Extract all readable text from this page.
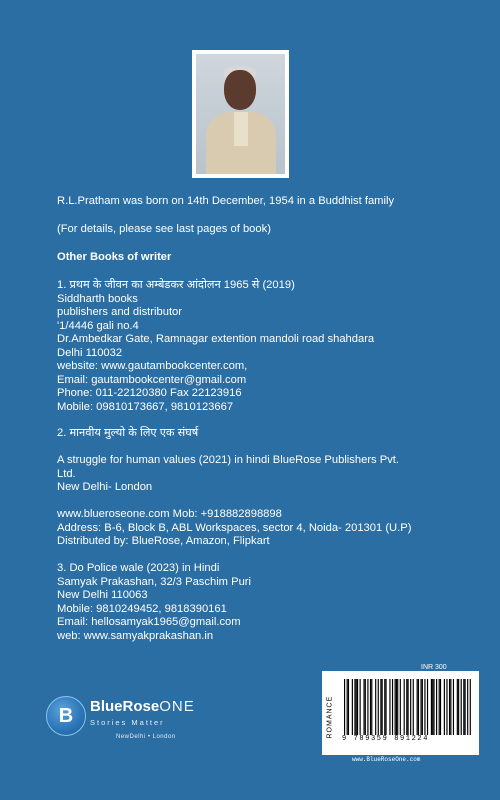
R.L.Pratham was born on 14th December, 1954 in a Buddhist family
(For details, please see last pages of book)
Other Books of writer
1. प्रथम के जीवन का अम्बेडकर आंदोलन 1965 से (2019)
Siddharth books
publishers and distributor
'1/4446 gali no.4
Dr.Ambedkar Gate, Ramnagar extention mandoli road shahdara
Delhi 110032
website: www.gautambookcenter.com,
Email: gautambookcenter@gmail.com
Phone: 011-22120380 Fax 22123916
Mobile: 09810173667, 9810123667
2. मानवीय मुल्यो के लिए एक संघर्ष
A struggle for human values (2021) in hindi BlueRose Publishers Pvt.
Ltd.
New Delhi- London
www.blueroseone.com Mob: +918882898898
Address: B-6, Block B, ABL Workspaces, sector 4, Noida- 201301 (U.P)
Distributed by: BlueRose, Amazon, Flipkart
3. Do Police wale (2023) in Hindi
Samyak Prakashan, 32/3 Paschim Puri
New Delhi 110063
Mobile: 9810249452, 9818390161
Email: hellosamyak1965@gmail.com
web: www.samyakprakashan.in
B	BlueRoseONE
Stories Matter
NewDelhi • London
INR 300
ROMANCE
9 789359 891224
www.BlueRoseOne.com
